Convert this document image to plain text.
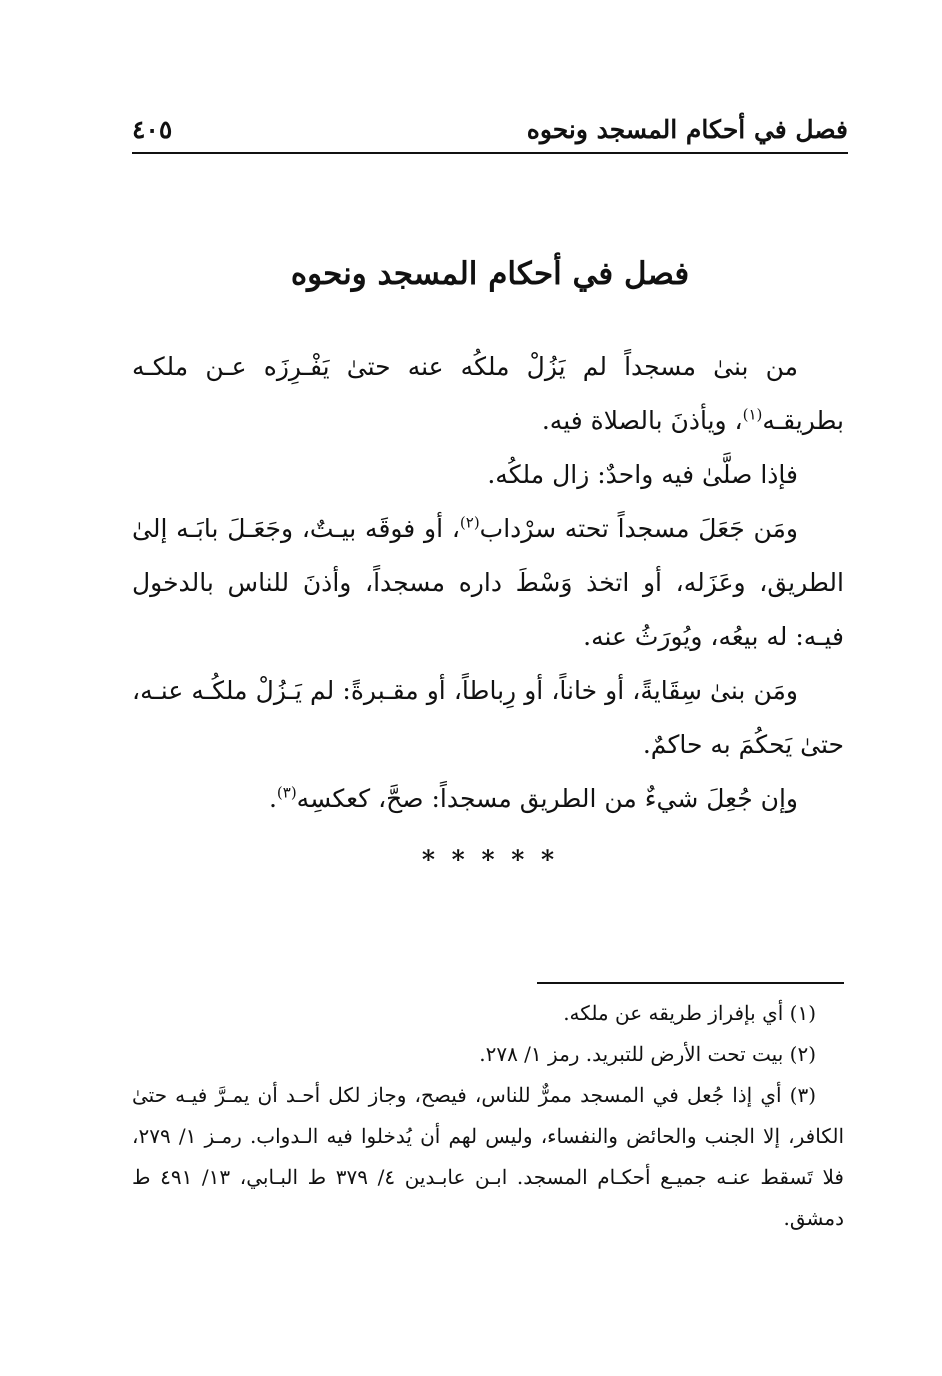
فصل في أحكام المسجد ونحوه
٤٠٥
فصل في أحكام المسجد ونحوه

من بنىٰ مسجداً لم يَزُلْ ملكُه عنه حتىٰ يَفْـرِزَه عـن ملكـه بطريقـه$^{(١)}$، ويأذنَ بالصلاة فيه.

فإذا صلَّىٰ فيه واحدٌ: زال ملكُه.

ومَن جَعَلَ مسجداً تحته سرْداب$^{(٢)}$، أو فوقَه بيـتٌ، وجَعَـلَ بابَـه إلىٰ الطريق، وعَزَله، أو اتخذ وَسْطَ داره مسجداً، وأذنَ للناس بالدخول فيـه: له بيعُه، ويُورَثُ عنه.

ومَن بنىٰ سِقَايةً، أو خاناً، أو رِباطاً، أو مقـبرةً: لم يَـزُلْ ملكُـه عنـه، حتىٰ يَحكُمَ به حاكمٌ.

وإن جُعِلَ شيءٌ من الطريق مسجداً: صحَّ، كعكسِه$^{(٣)}$.

* * * * *

(١) أي بإفراز طريقه عن ملكه.

(٢) بيت تحت الأرض للتبريد. رمز ١/ ٢٧٨.

(٣) أي إذا جُعل في المسجد ممرٌّ للناس، فيصح، وجاز لكل أحـد أن يمـرَّ فيـه حتىٰ الكافر، إلا الجنب والحائض والنفساء، وليس لهم أن يُدخلوا فيه الـدواب. رمـز ١/ ٢٧٩، فلا تَسقط عنـه جميـع أحكـام المسجد. ابـن عابـدين ٤/ ٣٧٩ ط البـابي، ١٣/ ٤٩١ ط دمشق.
